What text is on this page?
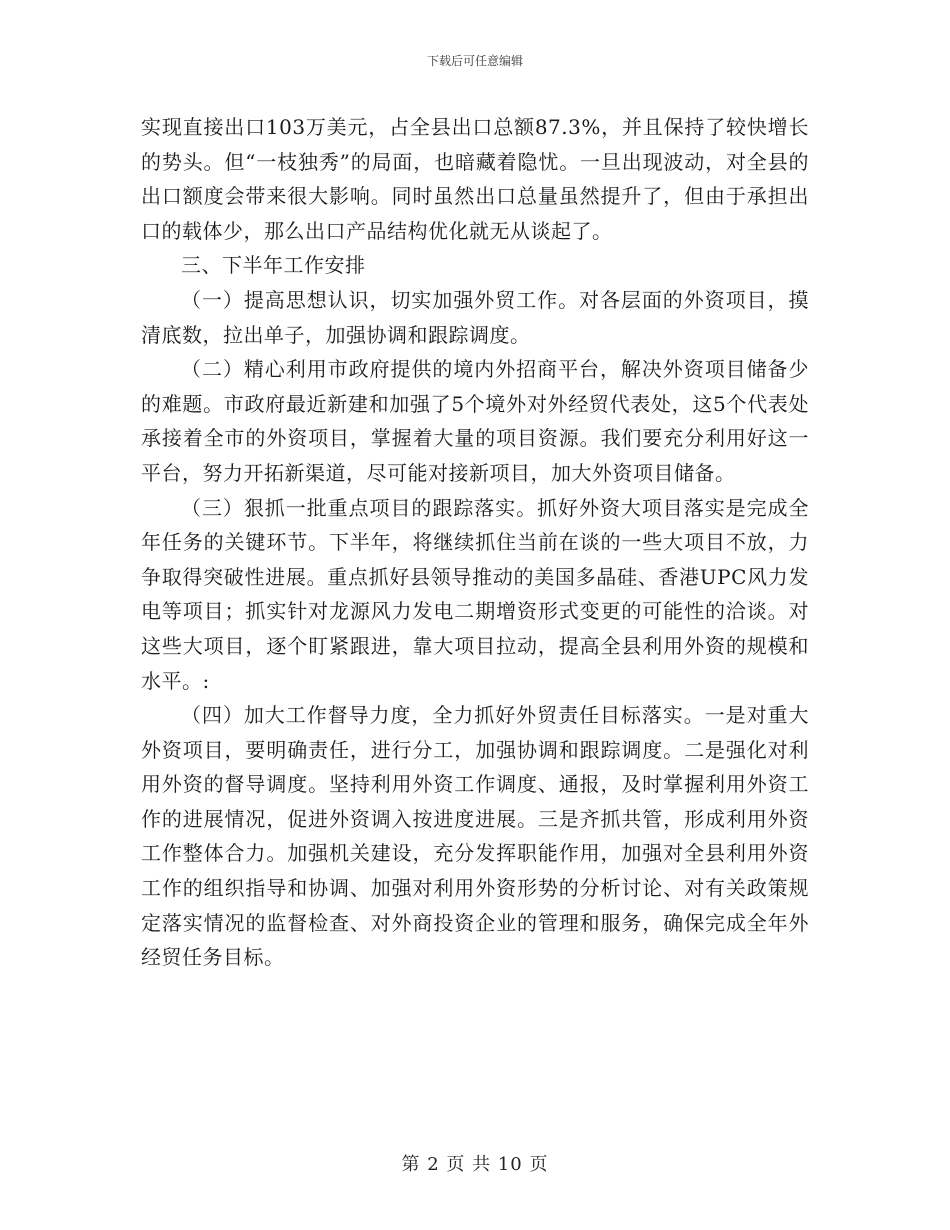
下载后可任意编辑

实现直接出口103万美元，占全县出口总额87.3%，并且保持了较快增长的势头。但“一枝独秀”的局面，也暗藏着隐忧。一旦出现波动，对全县的出口额度会带来很大影响。同时虽然出口总量虽然提升了，但由于承担出口的载体少，那么出口产品结构优化就无从谈起了。

三、下半年工作安排

（一）提高思想认识，切实加强外贸工作。对各层面的外资项目，摸清底数，拉出单子，加强协调和跟踪调度。

（二）精心利用市政府提供的境内外招商平台，解决外资项目储备少的难题。市政府最近新建和加强了5个境外对外经贸代表处，这5个代表处承接着全市的外资项目，掌握着大量的项目资源。我们要充分利用好这一平台，努力开拓新渠道，尽可能对接新项目，加大外资项目储备。

（三）狠抓一批重点项目的跟踪落实。抓好外资大项目落实是完成全年任务的关键环节。下半年，将继续抓住当前在谈的一些大项目不放，力争取得突破性进展。重点抓好县领导推动的美国多晶硅、香港UPC风力发电等项目；抓实针对龙源风力发电二期增资形式变更的可能性的洽谈。对这些大项目，逐个盯紧跟进，靠大项目拉动，提高全县利用外资的规模和水平。:

（四）加大工作督导力度，全力抓好外贸责任目标落实。一是对重大外资项目，要明确责任，进行分工，加强协调和跟踪调度。二是强化对利用外资的督导调度。坚持利用外资工作调度、通报，及时掌握利用外资工作的进展情况，促进外资调入按进度进展。三是齐抓共管，形成利用外资工作整体合力。加强机关建设，充分发挥职能作用，加强对全县利用外资工作的组织指导和协调、加强对利用外资形势的分析讨论、对有关政策规定落实情况的监督检查、对外商投资企业的管理和服务，确保完成全年外经贸任务目标。

第 2 页 共 10 页
